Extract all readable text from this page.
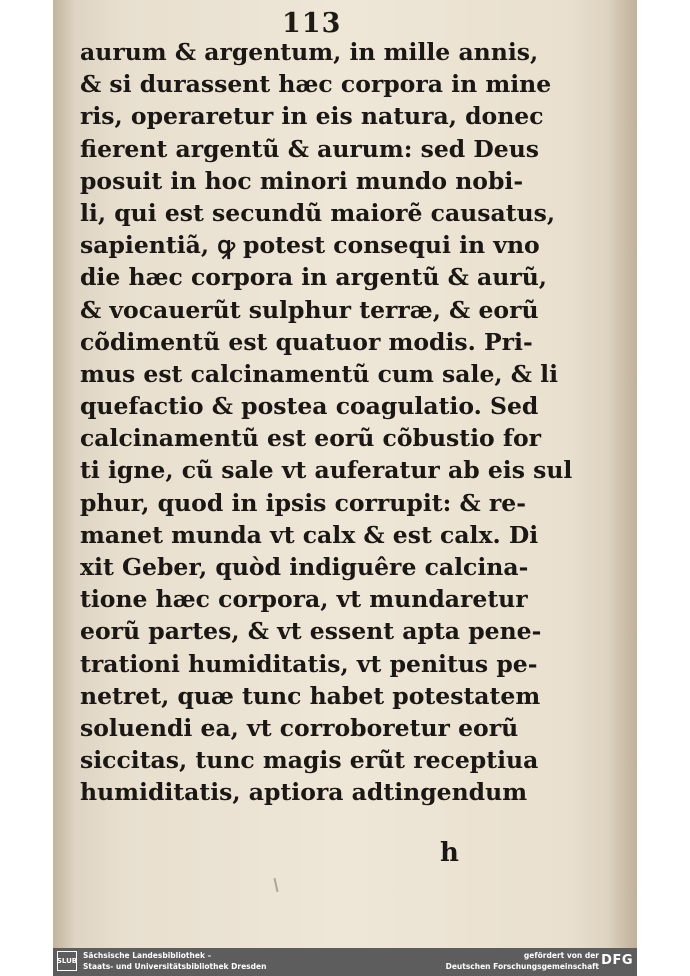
113
aurum & argentum, in mille annis,
& si durassent hæc corpora in mine
ris, operaretur in eis natura, donec
fierent argentũ & aurum: sed Deus
posuit in hoc minori mundo nobi-
li, qui est secundũ maiorẽ causatus,
sapientiã, ꝙ potest consequi in vno
die hæc corpora in argentũ & aurũ,
& vocauerũt sulphur terræ, & eorũ
cõdimentũ est quatuor modis. Pri-
mus est calcinamentũ cum sale, & li
quefactio & postea coagulatio. Sed
calcinamentũ est eorũ cõbustio for
ti igne, cũ sale vt auferatur ab eis sul
phur, quod in ipsis corrupit: & re-
manet munda vt calx & est calx. Di
xit Geber, quòd indiguêre calcina-
tione hæc corpora, vt mundaretur
eorũ partes, & vt essent apta pene-
trationi humiditatis, vt penitus pe-
netret, quæ tunc habet potestatem
soluendi ea, vt corroboretur eorũ
siccitas, tunc magis erũt receptiua
humiditatis, aptiora adtingendum
h
SLUB
Sächsische Landesbibliothek –
Staats- und Universitätsbibliothek Dresden
gefördert von der
Deutschen Forschungsgemeinschaft DFG
